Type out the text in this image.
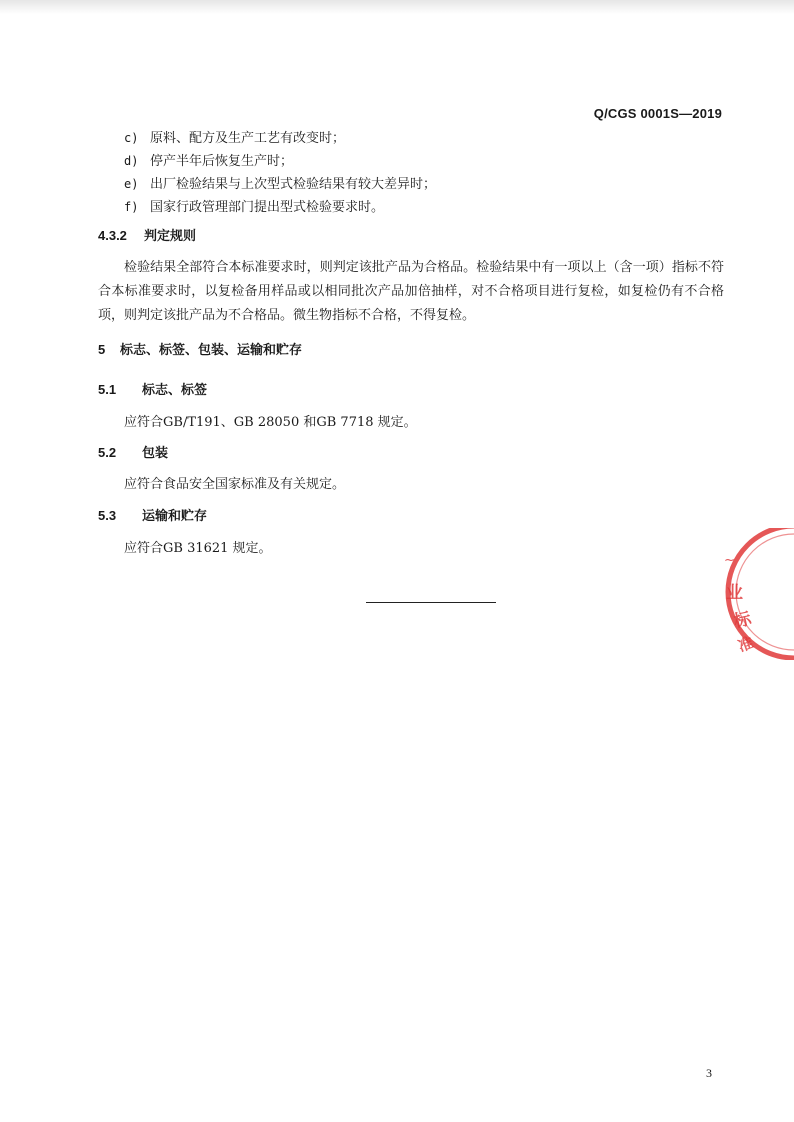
Q/CGS 0001S—2019
c) 原料、配方及生产工艺有改变时；
d) 停产半年后恢复生产时；
e) 出厂检验结果与上次型式检验结果有较大差异时；
f) 国家行政管理部门提出型式检验要求时。
4.3.2 判定规则
检验结果全部符合本标准要求时，则判定该批产品为合格品。检验结果中有一项以上（含一项）指标不符合本标准要求时，以复检备用样品或以相同批次产品加倍抽样，对不合格项目进行复检，如复检仍有不合格项，则判定该批产品为不合格品。微生物指标不合格，不得复检。
5 标志、标签、包装、运输和贮存
5.1 标志、标签
应符合GB/T191、GB 28050 和GB 7718 规定。
5.2 包装
应符合食品安全国家标准及有关规定。
5.3 运输和贮存
应符合GB 31621 规定。
~
业
标
准
3
